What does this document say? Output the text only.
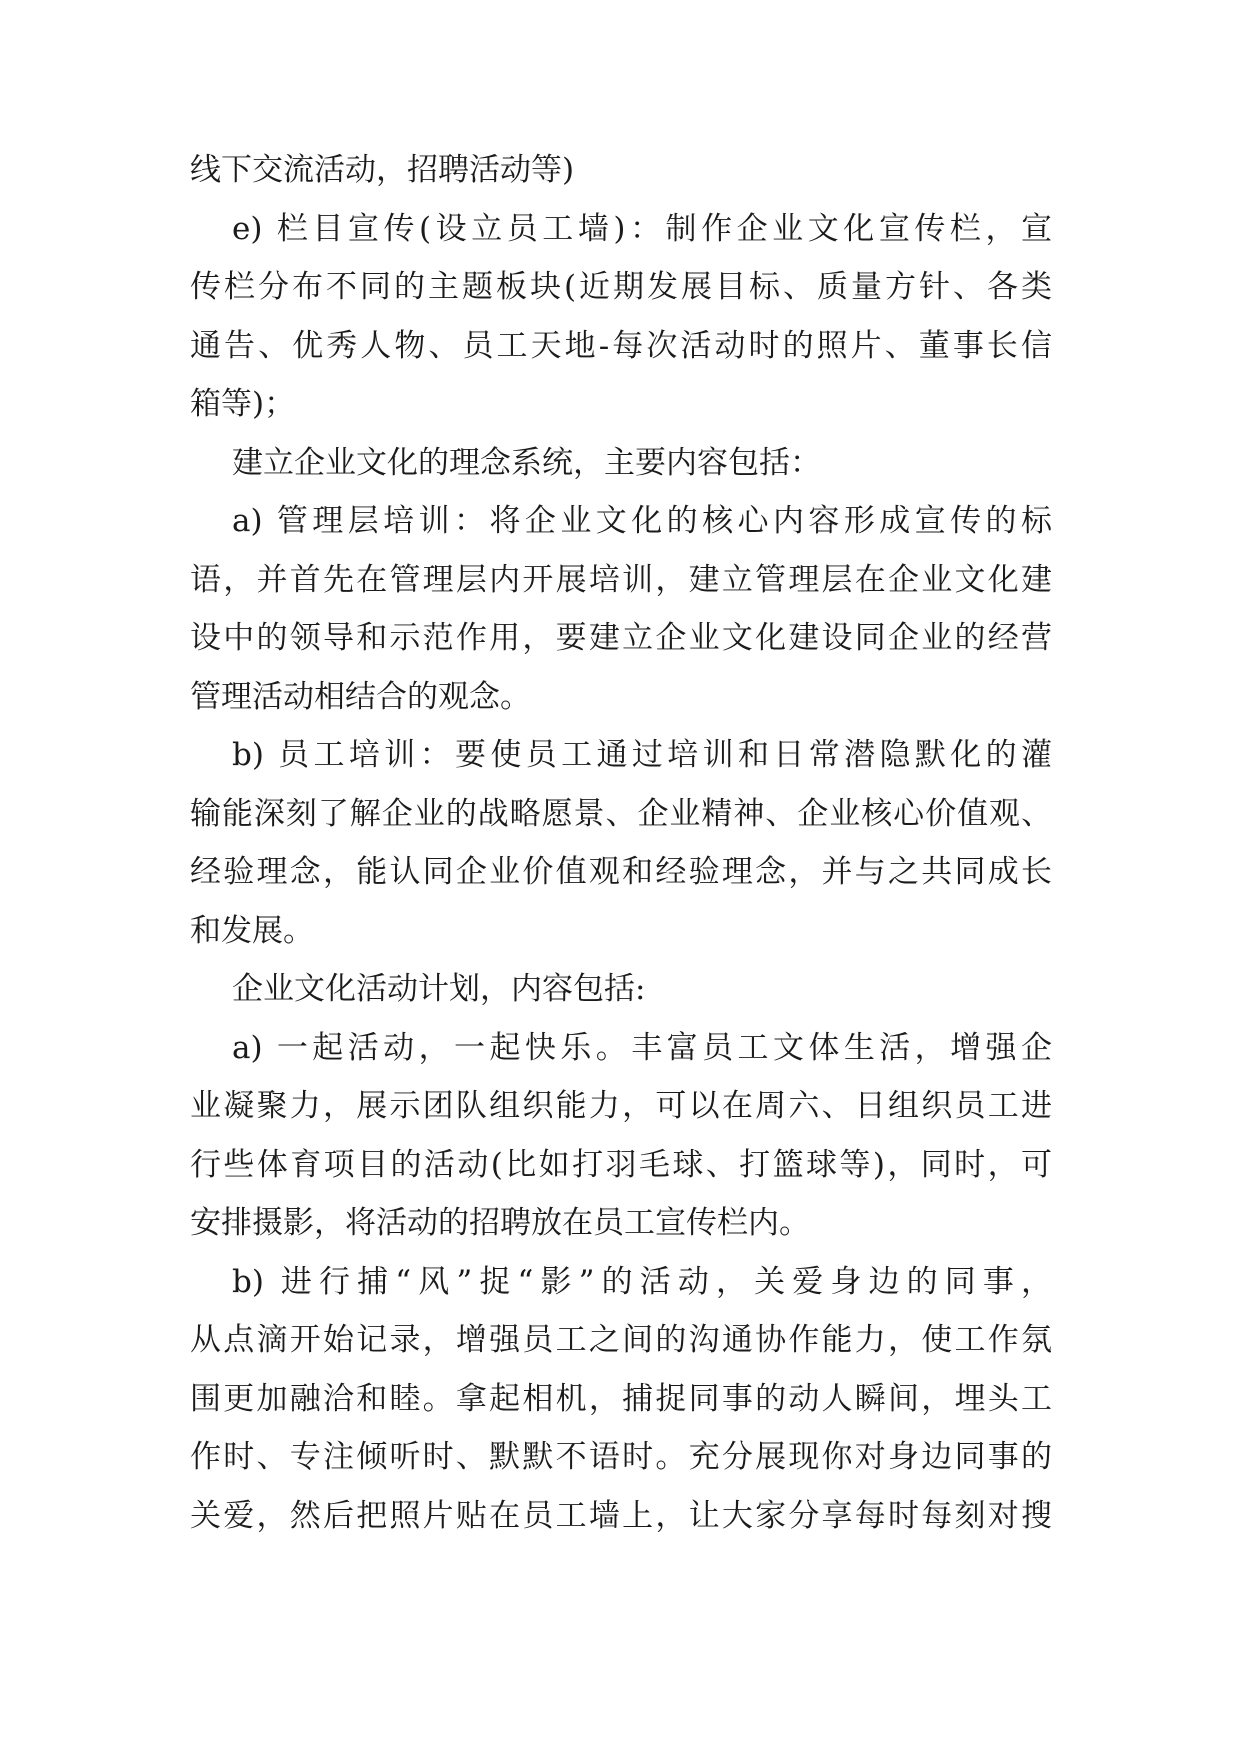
线下交流活动，招聘活动等)
e) 栏目宣传(设立员工墙)：制作企业文化宣传栏，宣
传栏分布不同的主题板块(近期发展目标、质量方针、各类
通告、优秀人物、员工天地-每次活动时的照片、董事长信
箱等)；
建立企业文化的理念系统，主要内容包括：
a) 管理层培训：将企业文化的核心内容形成宣传的标
语，并首先在管理层内开展培训，建立管理层在企业文化建
设中的领导和示范作用，要建立企业文化建设同企业的经营
管理活动相结合的观念。
b) 员工培训：要使员工通过培训和日常潜隐默化的灌
输能深刻了解企业的战略愿景、企业精神、企业核心价值观、
经验理念，能认同企业价值观和经验理念，并与之共同成长
和发展。
企业文化活动计划，内容包括:
a) 一起活动，一起快乐。丰富员工文体生活，增强企
业凝聚力，展示团队组织能力，可以在周六、日组织员工进
行些体育项目的活动(比如打羽毛球、打篮球等)，同时，可
安排摄影，将活动的招聘放在员工宣传栏内。
b) 进行捕“风”捉“影”的活动，关爱身边的同事，
从点滴开始记录，增强员工之间的沟通协作能力，使工作氛
围更加融洽和睦。拿起相机，捕捉同事的动人瞬间，埋头工
作时、专注倾听时、默默不语时。充分展现你对身边同事的
关爱，然后把照片贴在员工墙上，让大家分享每时每刻对搜
